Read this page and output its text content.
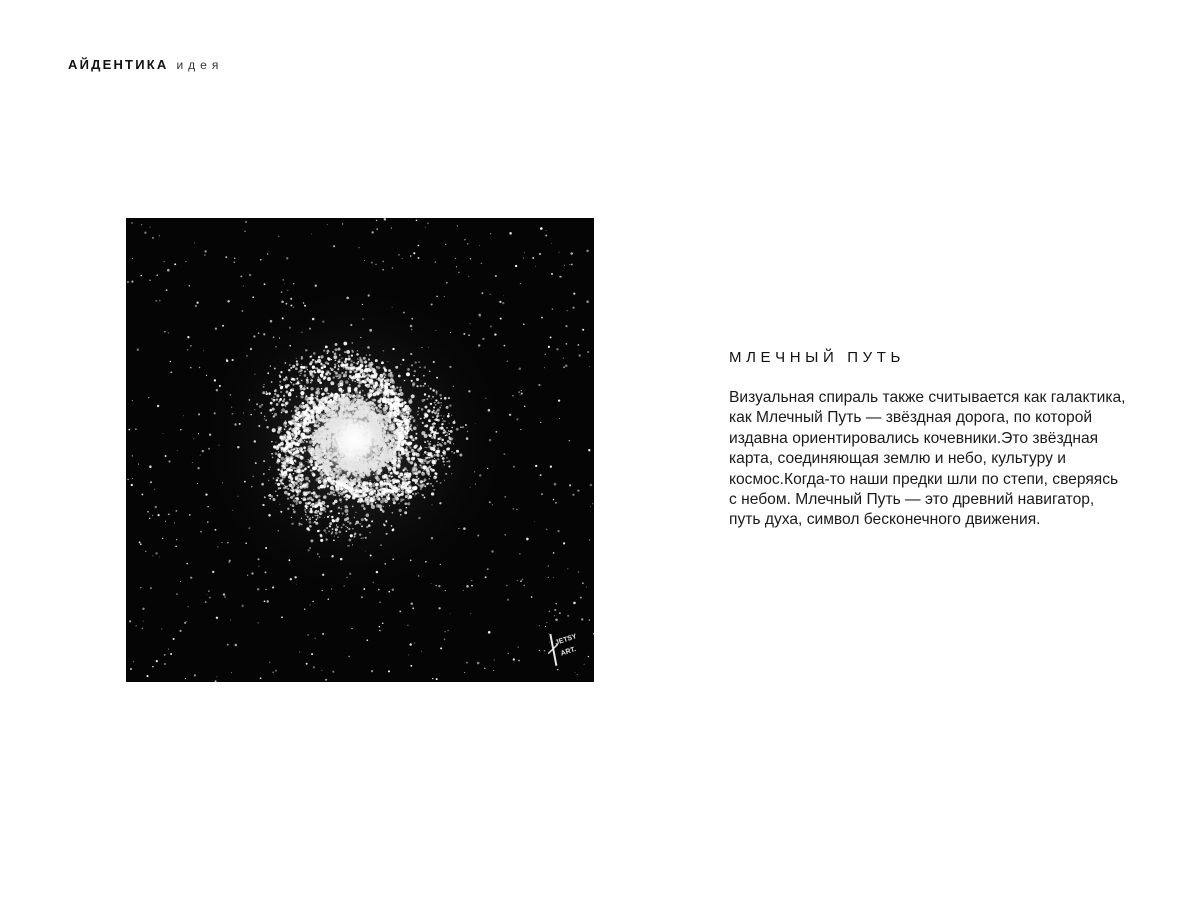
АЙДЕНТИКА идея
JETSY
ART.
МЛЕЧНЫЙ ПУТЬ

Визуальная спираль также считывается как галактика, как Млечный Путь — звёздная дорога, по которой издавна ориентировались кочевники.Это звёздная карта, соединяющая землю и небо, культуру и космос.Когда-то наши предки шли по степи, сверяясь с небом. Млечный Путь — это древний навигатор, путь духа, символ бесконечного движения.
